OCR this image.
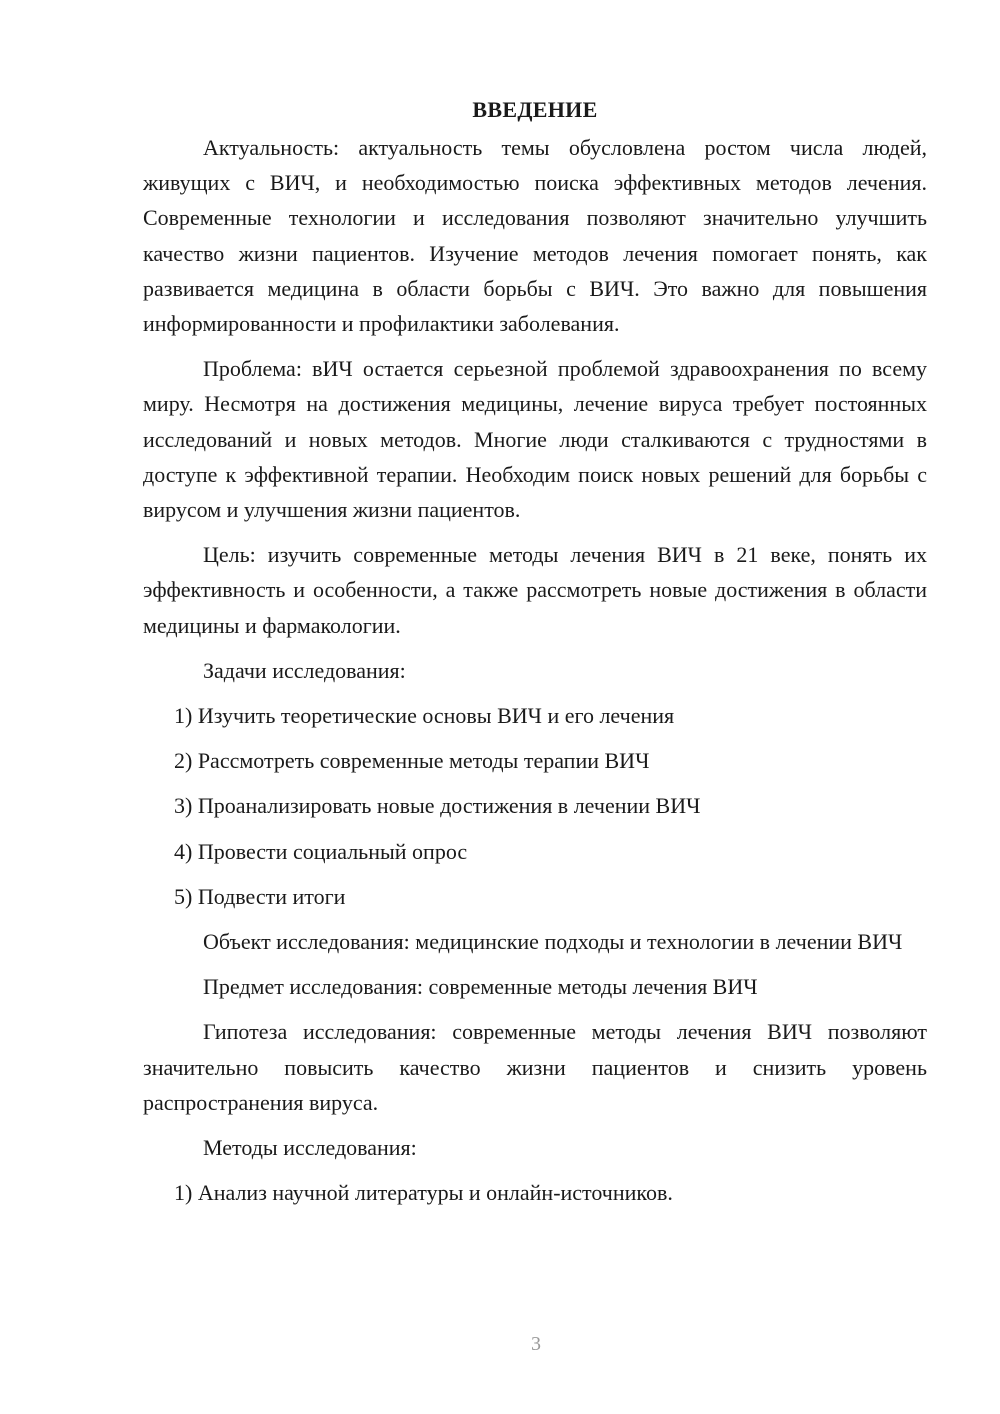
ВВЕДЕНИЕ

Актуальность: актуальность темы обусловлена ростом числа людей, живущих с ВИЧ, и необходимостью поиска эффективных методов лечения. Современные технологии и исследования позволяют значительно улучшить качество жизни пациентов. Изучение методов лечения помогает понять, как развивается медицина в области борьбы с ВИЧ. Это важно для повышения информированности и профилактики заболевания.

Проблема: вИЧ остается серьезной проблемой здравоохранения по всему миру. Несмотря на достижения медицины, лечение вируса требует постоянных исследований и новых методов. Многие люди сталкиваются с трудностями в доступе к эффективной терапии. Необходим поиск новых решений для борьбы с вирусом и улучшения жизни пациентов.

Цель: изучить современные методы лечения ВИЧ в 21 веке, понять их эффективность и особенности, а также рассмотреть новые достижения в области медицины и фармакологии.

Задачи исследования:

1) Изучить теоретические основы ВИЧ и его лечения
2) Рассмотреть современные методы терапии ВИЧ
3) Проанализировать новые достижения в лечении ВИЧ
4) Провести социальный опрос
5) Подвести итоги

Объект исследования: медицинские подходы и технологии в лечении ВИЧ

Предмет исследования: современные методы лечения ВИЧ

Гипотеза исследования: современные методы лечения ВИЧ позволяют значительно повысить качество жизни пациентов и снизить уровень распространения вируса.

Методы исследования:

1) Анализ научной литературы и онлайн-источников.
3
